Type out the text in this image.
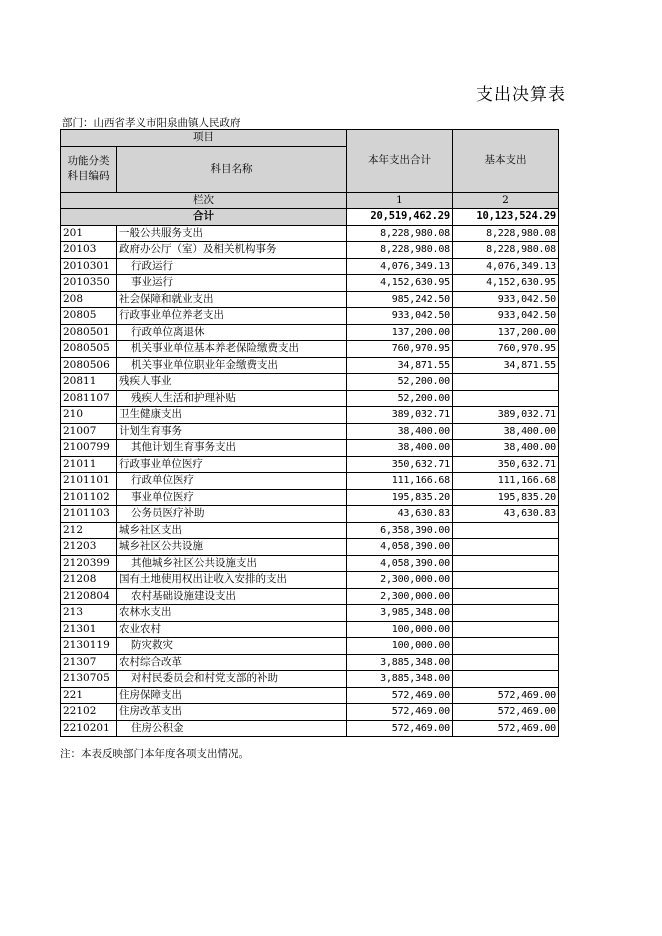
支出决算表
部门：山西省孝义市阳泉曲镇人民政府
项目		本年支出合计	基本支出
功能分类科目编码	科目名称		

栏次		1	2
合计		20,519,462.29	10,123,524.29
201	一般公共服务支出	8,228,980.08	8,228,980.08
20103	政府办公厅（室）及相关机构事务	8,228,980.08	8,228,980.08
2010301	行政运行	4,076,349.13	4,076,349.13
2010350	事业运行	4,152,630.95	4,152,630.95
208	社会保障和就业支出	985,242.50	933,042.50
20805	行政事业单位养老支出	933,042.50	933,042.50
2080501	行政单位离退休	137,200.00	137,200.00
2080505	机关事业单位基本养老保险缴费支出	760,970.95	760,970.95
2080506	机关事业单位职业年金缴费支出	34,871.55	34,871.55
20811	残疾人事业	52,200.00	
2081107	残疾人生活和护理补贴	52,200.00	
210	卫生健康支出	389,032.71	389,032.71
21007	计划生育事务	38,400.00	38,400.00
2100799	其他计划生育事务支出	38,400.00	38,400.00
21011	行政事业单位医疗	350,632.71	350,632.71
2101101	行政单位医疗	111,166.68	111,166.68
2101102	事业单位医疗	195,835.20	195,835.20
2101103	公务员医疗补助	43,630.83	43,630.83
212	城乡社区支出	6,358,390.00	
21203	城乡社区公共设施	4,058,390.00	
2120399	其他城乡社区公共设施支出	4,058,390.00	
21208	国有土地使用权出让收入安排的支出	2,300,000.00	
2120804	农村基础设施建设支出	2,300,000.00	
213	农林水支出	3,985,348.00	
21301	农业农村	100,000.00	
2130119	防灾救灾	100,000.00	
21307	农村综合改革	3,885,348.00	
2130705	对村民委员会和村党支部的补助	3,885,348.00	
221	住房保障支出	572,469.00	572,469.00
22102	住房改革支出	572,469.00	572,469.00
2210201	住房公积金	572,469.00	572,469.00
注：本表反映部门本年度各项支出情况。
